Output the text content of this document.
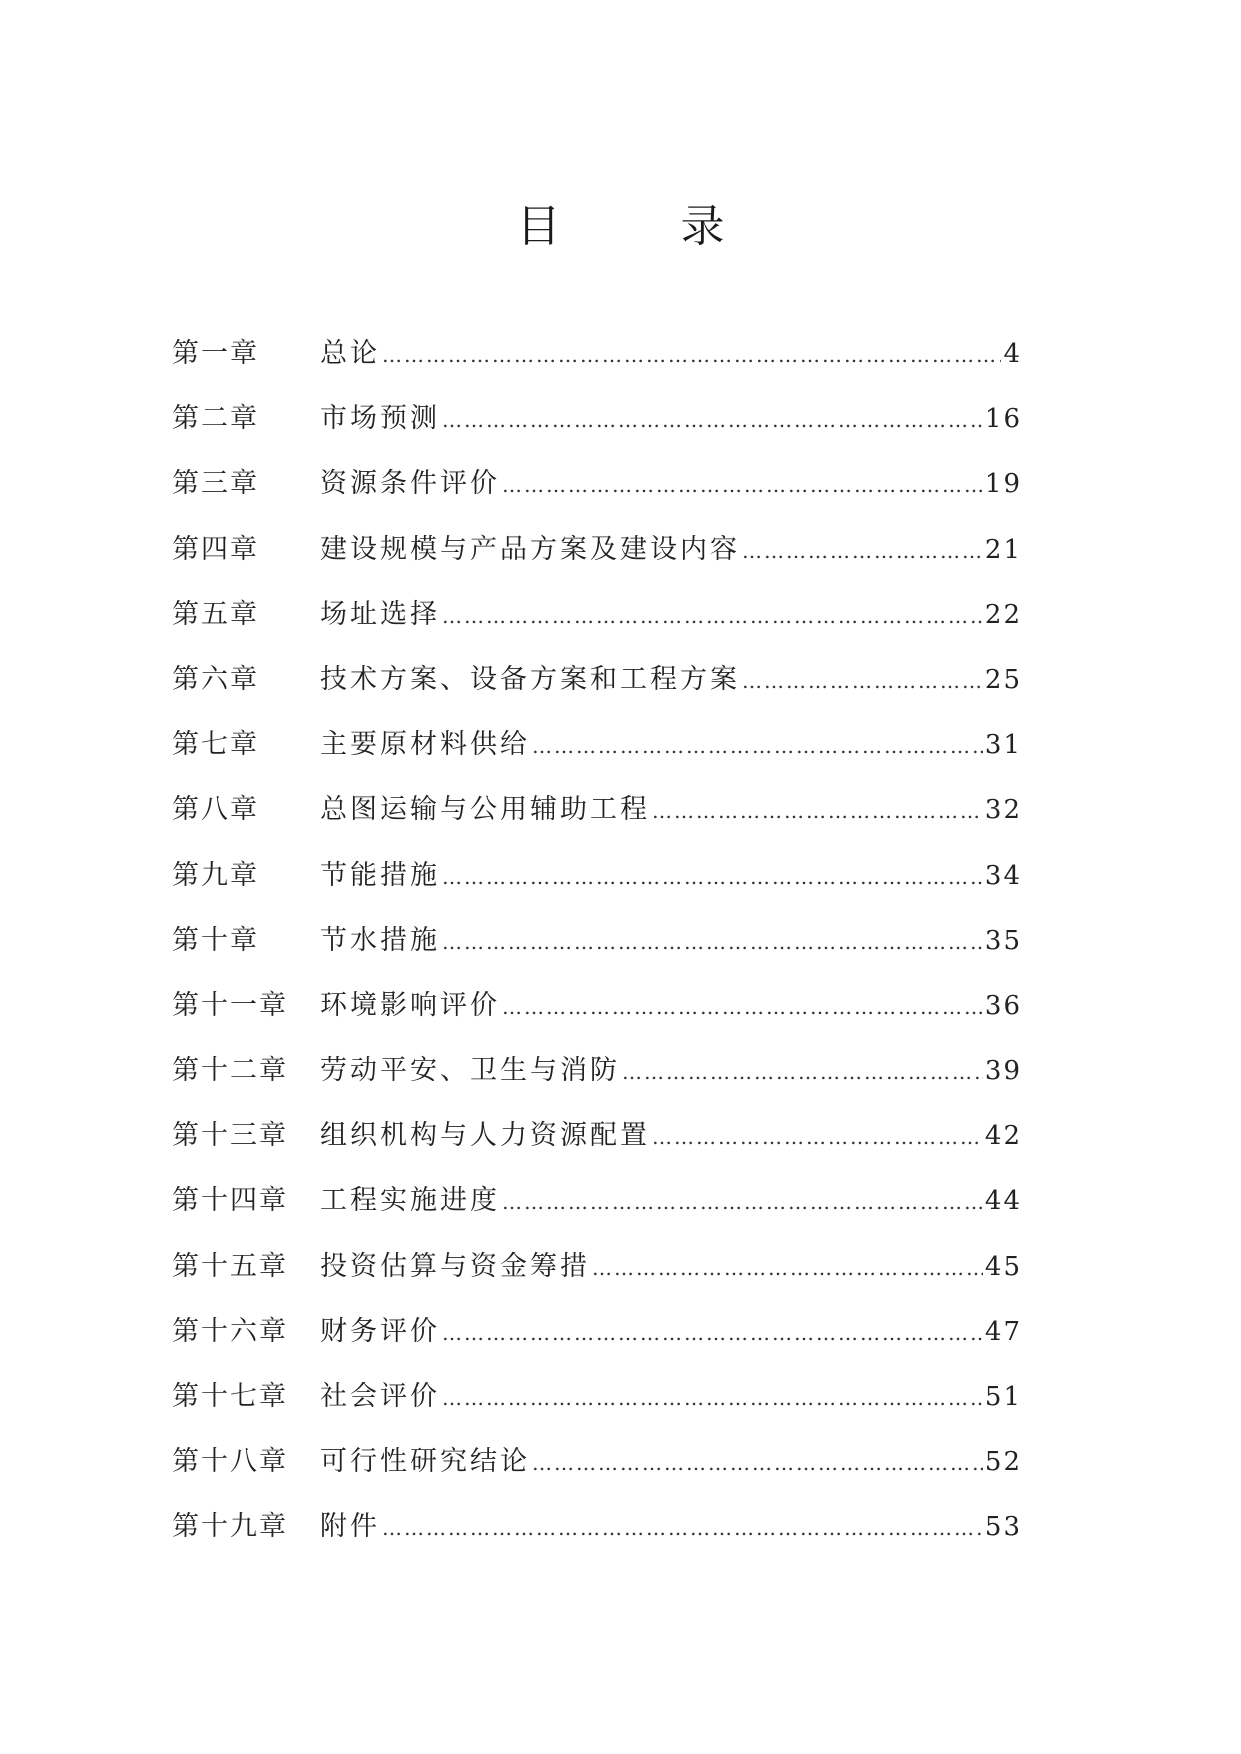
目	录
第一章	总论 …………………………………………………………………………………………………………………………………………………	4
第二章	市场预测 …………………………………………………………………………………………………………………………………………………	16
第三章	资源条件评价 …………………………………………………………………………………………………………………………………………………	19
第四章	建设规模与产品方案及建设内容 …………………………………………………………………………………………………………………………………………………	21
第五章	场址选择 …………………………………………………………………………………………………………………………………………………	22
第六章	技术方案、设备方案和工程方案 …………………………………………………………………………………………………………………………………………………	25
第七章	主要原材料供给 …………………………………………………………………………………………………………………………………………………	31
第八章	总图运输与公用辅助工程 …………………………………………………………………………………………………………………………………………………	32
第九章	节能措施 …………………………………………………………………………………………………………………………………………………	34
第十章	节水措施 …………………………………………………………………………………………………………………………………………………	35
第十一章	环境影响评价 …………………………………………………………………………………………………………………………………………………	36
第十二章	劳动平安、卫生与消防 …………………………………………………………………………………………………………………………………………………	39
第十三章	组织机构与人力资源配置 …………………………………………………………………………………………………………………………………………………	42
第十四章	工程实施进度 …………………………………………………………………………………………………………………………………………………	44
第十五章	投资估算与资金筹措 …………………………………………………………………………………………………………………………………………………	45
第十六章	财务评价 …………………………………………………………………………………………………………………………………………………	47
第十七章	社会评价 …………………………………………………………………………………………………………………………………………………	51
第十八章	可行性研究结论 …………………………………………………………………………………………………………………………………………………	52
第十九章	附件 …………………………………………………………………………………………………………………………………………………	53
